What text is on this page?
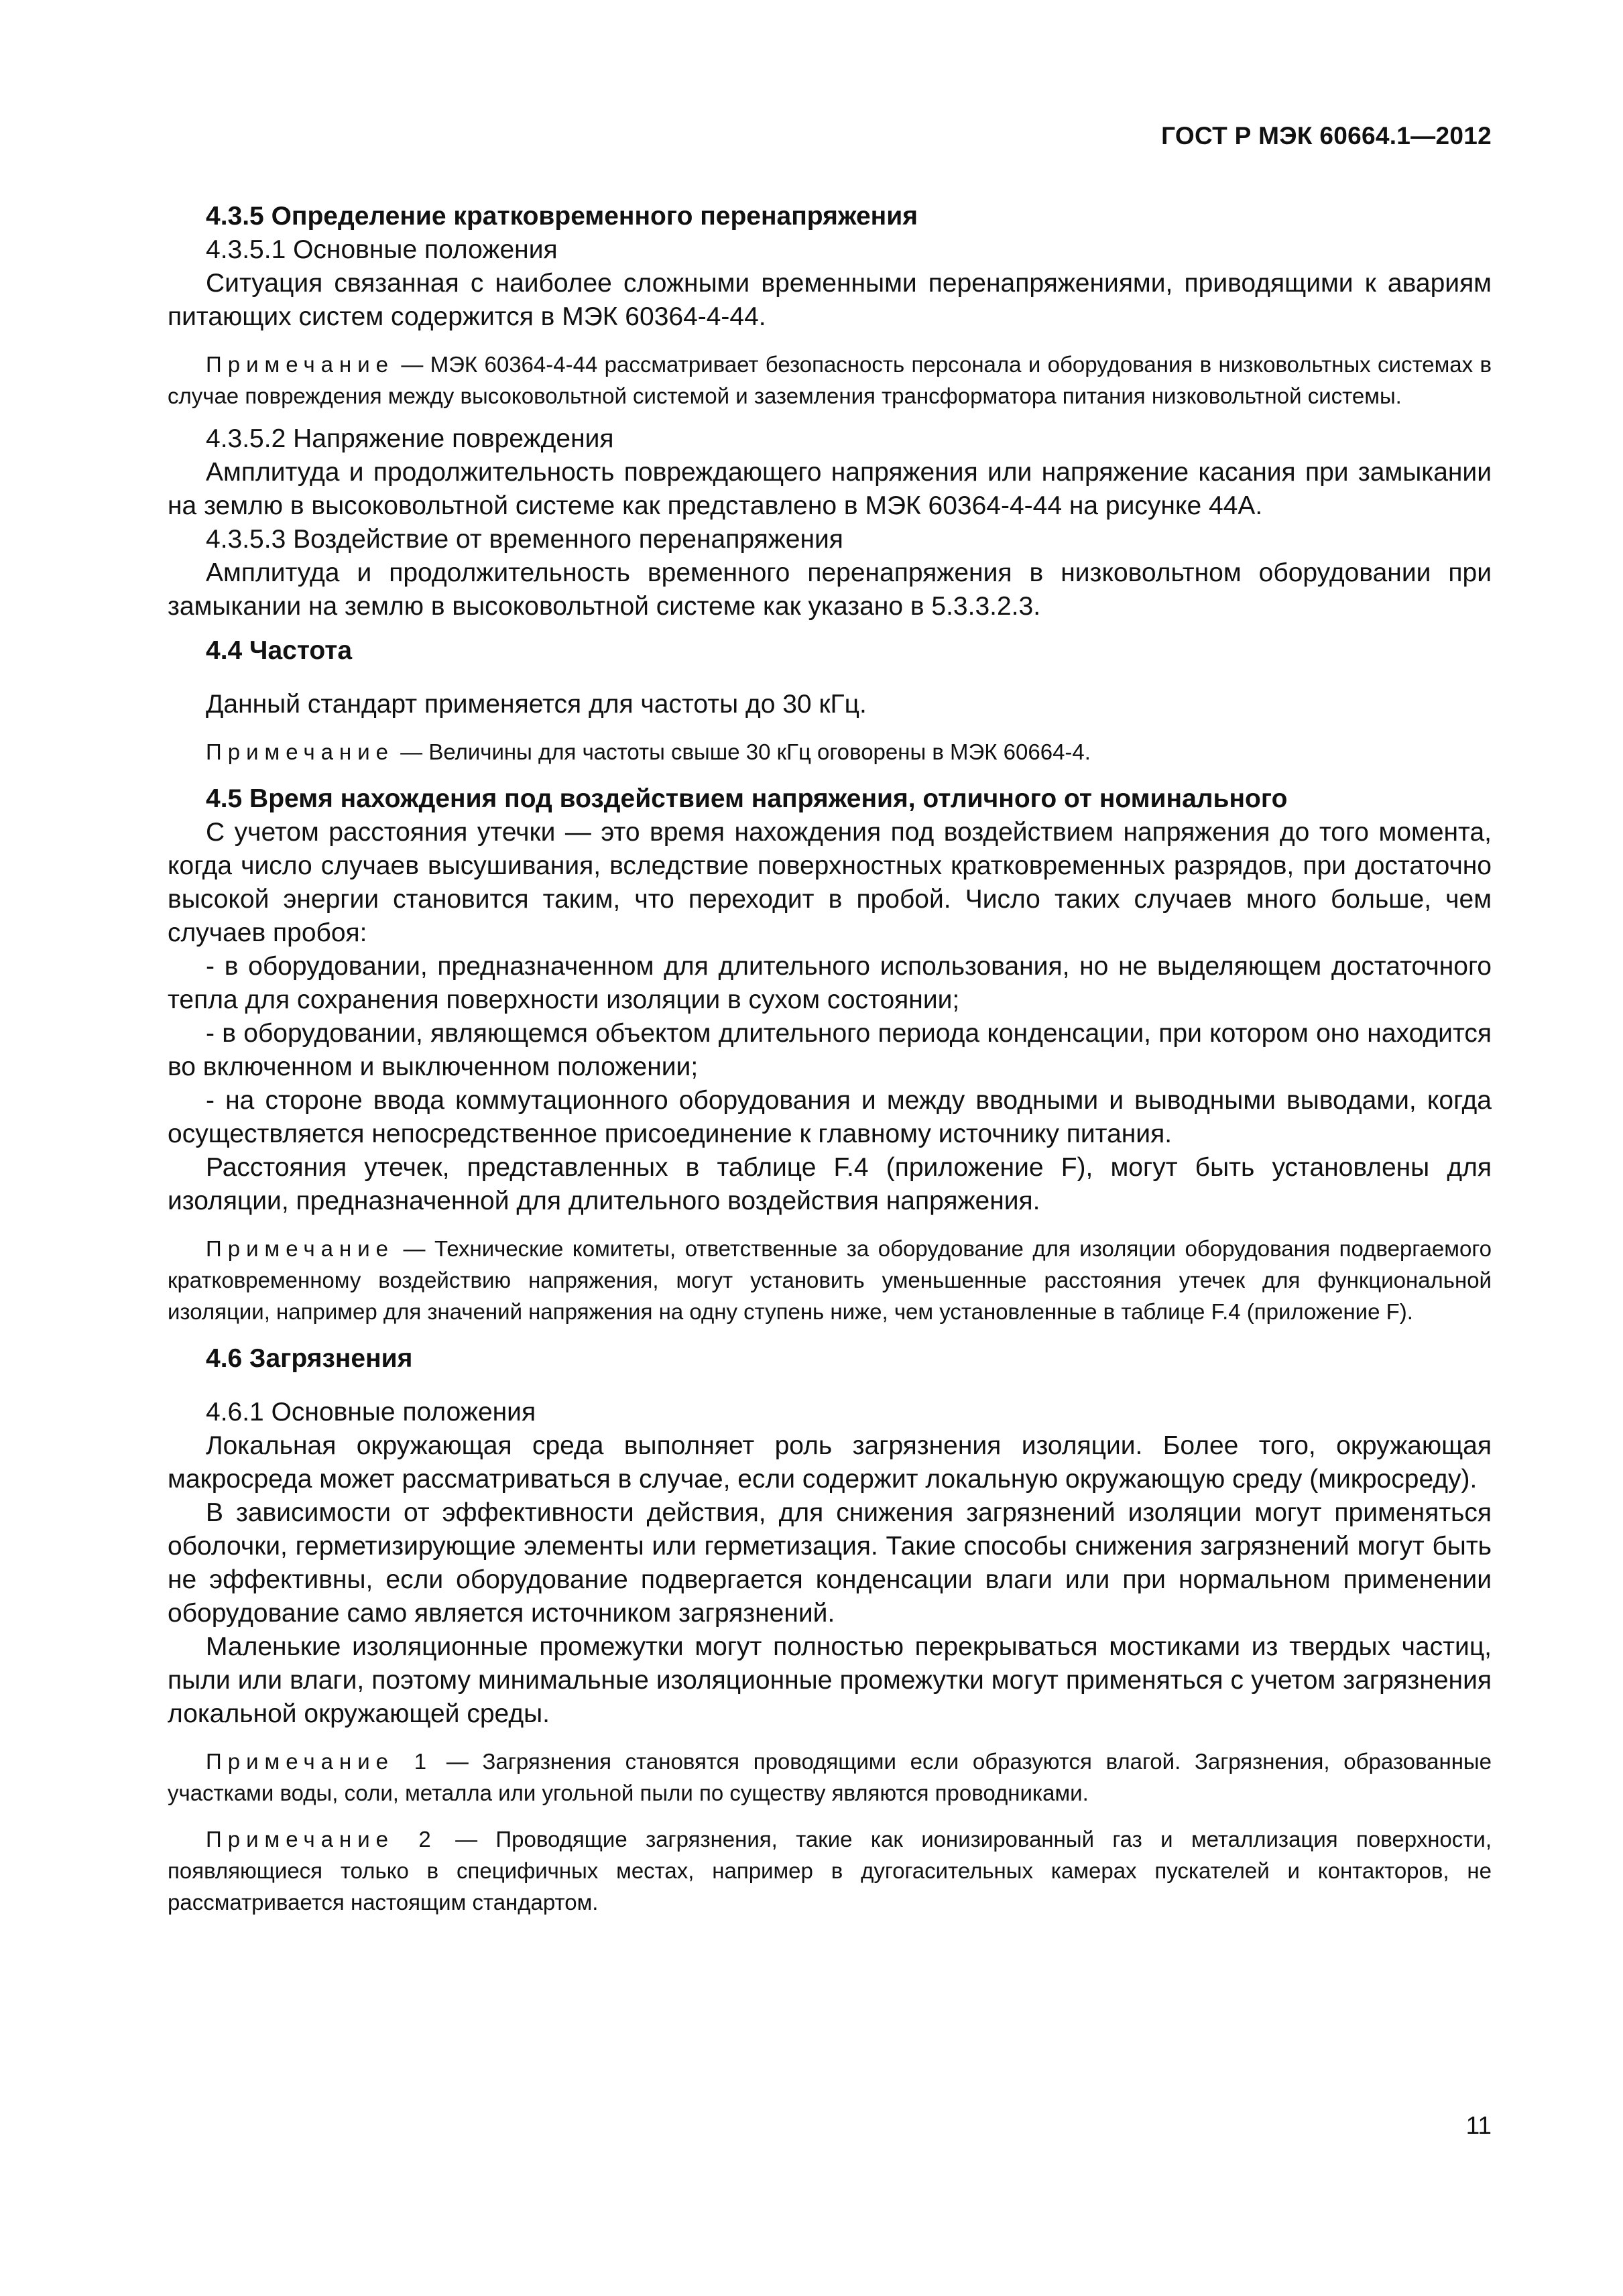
ГОСТ Р МЭК 60664.1—2012

4.3.5 Определение кратковременного перенапряжения

4.3.5.1 Основные положения

Ситуация связанная с наиболее сложными временными перенапряжениями, приводящими к авариям питающих систем содержится в МЭК 60364-4-44.

Примечание — МЭК 60364-4-44 рассматривает безопасность персонала и оборудования в низковольтных системах в случае повреждения между высоковольтной системой и заземления трансформатора питания низковольтной системы.

4.3.5.2 Напряжение повреждения

Амплитуда и продолжительность повреждающего напряжения или напряжение касания при замыкании на землю в высоковольтной системе как представлено в МЭК 60364-4-44 на рисунке 44А.

4.3.5.3 Воздействие от временного перенапряжения

Амплитуда и продолжительность временного перенапряжения в низковольтном оборудовании при замыкании на землю в высоковольтной системе как указано в 5.3.3.2.3.

4.4 Частота

Данный стандарт применяется для частоты до 30 кГц.

Примечание — Величины для частоты свыше 30 кГц оговорены в МЭК 60664-4.

4.5 Время нахождения под воздействием напряжения, отличного от номинального

С учетом расстояния утечки — это время нахождения под воздействием напряжения до того момента, когда число случаев высушивания, вследствие поверхностных кратковременных разрядов, при достаточно высокой энергии становится таким, что переходит в пробой. Число таких случаев много больше, чем случаев пробоя:

- в оборудовании, предназначенном для длительного использования, но не выделяющем достаточного тепла для сохранения поверхности изоляции в сухом состоянии;

- в оборудовании, являющемся объектом длительного периода конденсации, при котором оно находится во включенном и выключенном положении;

- на стороне ввода коммутационного оборудования и между вводными и выводными выводами, когда осуществляется непосредственное присоединение к главному источнику питания.

Расстояния утечек, представленных в таблице F.4 (приложение F), могут быть установлены для изоляции, предназначенной для длительного воздействия напряжения.

Примечание — Технические комитеты, ответственные за оборудование для изоляции оборудования подвергаемого кратковременному воздействию напряжения, могут установить уменьшенные расстояния утечек для функциональной изоляции, например для значений напряжения на одну ступень ниже, чем установленные в таблице F.4 (приложение F).

4.6 Загрязнения

4.6.1 Основные положения

Локальная окружающая среда выполняет роль загрязнения изоляции. Более того, окружающая макросреда может рассматриваться в случае, если содержит локальную окружающую среду (микросреду).

В зависимости от эффективности действия, для снижения загрязнений изоляции могут применяться оболочки, герметизирующие элементы или герметизация. Такие способы снижения загрязнений могут быть не эффективны, если оборудование подвергается конденсации влаги или при нормальном применении оборудование само является источником загрязнений.

Маленькие изоляционные промежутки могут полностью перекрываться мостиками из твердых частиц, пыли или влаги, поэтому минимальные изоляционные промежутки могут применяться с учетом загрязнения локальной окружающей среды.

Примечание 1 — Загрязнения становятся проводящими если образуются влагой. Загрязнения, образованные участками воды, соли, металла или угольной пыли по существу являются проводниками.

Примечание 2 — Проводящие загрязнения, такие как ионизированный газ и металлизация поверхности, появляющиеся только в специфичных местах, например в дугогасительных камерах пускателей и контакторов, не рассматривается настоящим стандартом.

11
